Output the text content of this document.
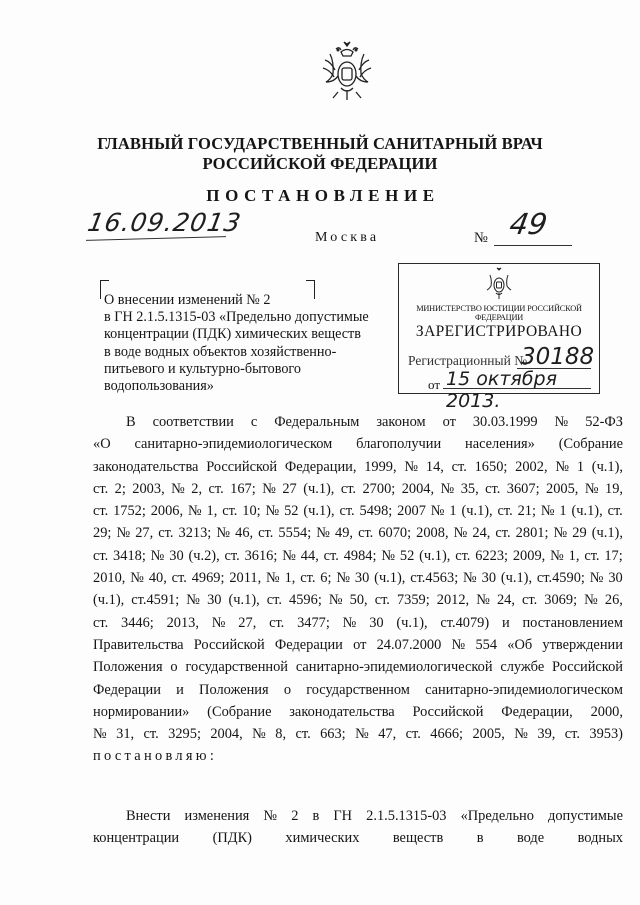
ГЛАВНЫЙ ГОСУДАРСТВЕННЫЙ САНИТАРНЫЙ ВРАЧ
РОССИЙСКОЙ ФЕДЕРАЦИИ
ПОСТАНОВЛЕНИЕ
16.09.2013
Москва	№ 49
О внесении изменений № 2
в ГН 2.1.5.1315-03 «Предельно допустимые
концентрации (ПДК) химических веществ
в воде водных объектов хозяйственно-
питьевого и культурно-бытового
водопользования»
МИНИСТЕРСТВО ЮСТИЦИИ РОССИЙСКОЙ ФЕДЕРАЦИИ
ЗАРЕГИСТРИРОВАНО
Регистрационный №
30188
от 15 октября 2013.
В соответствии с Федеральным законом от 30.03.1999 № 52-ФЗ
«О санитарно-эпидемиологическом благополучии населения» (Собрание
законодательства Российской Федерации, 1999, № 14, ст. 1650; 2002, № 1 (ч.1),
ст. 2; 2003, № 2, ст. 167; № 27 (ч.1), ст. 2700; 2004, № 35, ст. 3607; 2005, № 19,
ст. 1752; 2006, № 1, ст. 10; № 52 (ч.1), ст. 5498; 2007 № 1 (ч.1), ст. 21; № 1 (ч.1), ст.
29; № 27, ст. 3213; № 46, ст. 5554; № 49, ст. 6070; 2008, № 24, ст. 2801; № 29 (ч.1),
ст. 3418; № 30 (ч.2), ст. 3616; № 44, ст. 4984; № 52 (ч.1), ст. 6223; 2009, № 1, ст. 17;
2010, № 40, ст. 4969; 2011, № 1, ст. 6; № 30 (ч.1), ст.4563; № 30 (ч.1), ст.4590; № 30
(ч.1), ст.4591; № 30 (ч.1), ст. 4596; № 50, ст. 7359; 2012, № 24, ст. 3069; № 26,
ст. 3446; 2013, № 27, ст. 3477; № 30 (ч.1), ст.4079) и постановлением
Правительства Российской Федерации от 24.07.2000 № 554 «Об утверждении
Положения о государственной санитарно-эпидемиологической службе Российской
Федерации и Положения о государственном санитарно-эпидемиологическом
нормировании» (Собрание законодательства Российской Федерации, 2000,
№ 31, ст. 3295; 2004, № 8, ст. 663; № 47, ст. 4666; 2005, № 39, ст. 3953)
постановляю:
Внести изменения № 2 в ГН 2.1.5.1315-03 «Предельно допустимые
концентрации (ПДК) химических веществ в воде водных
